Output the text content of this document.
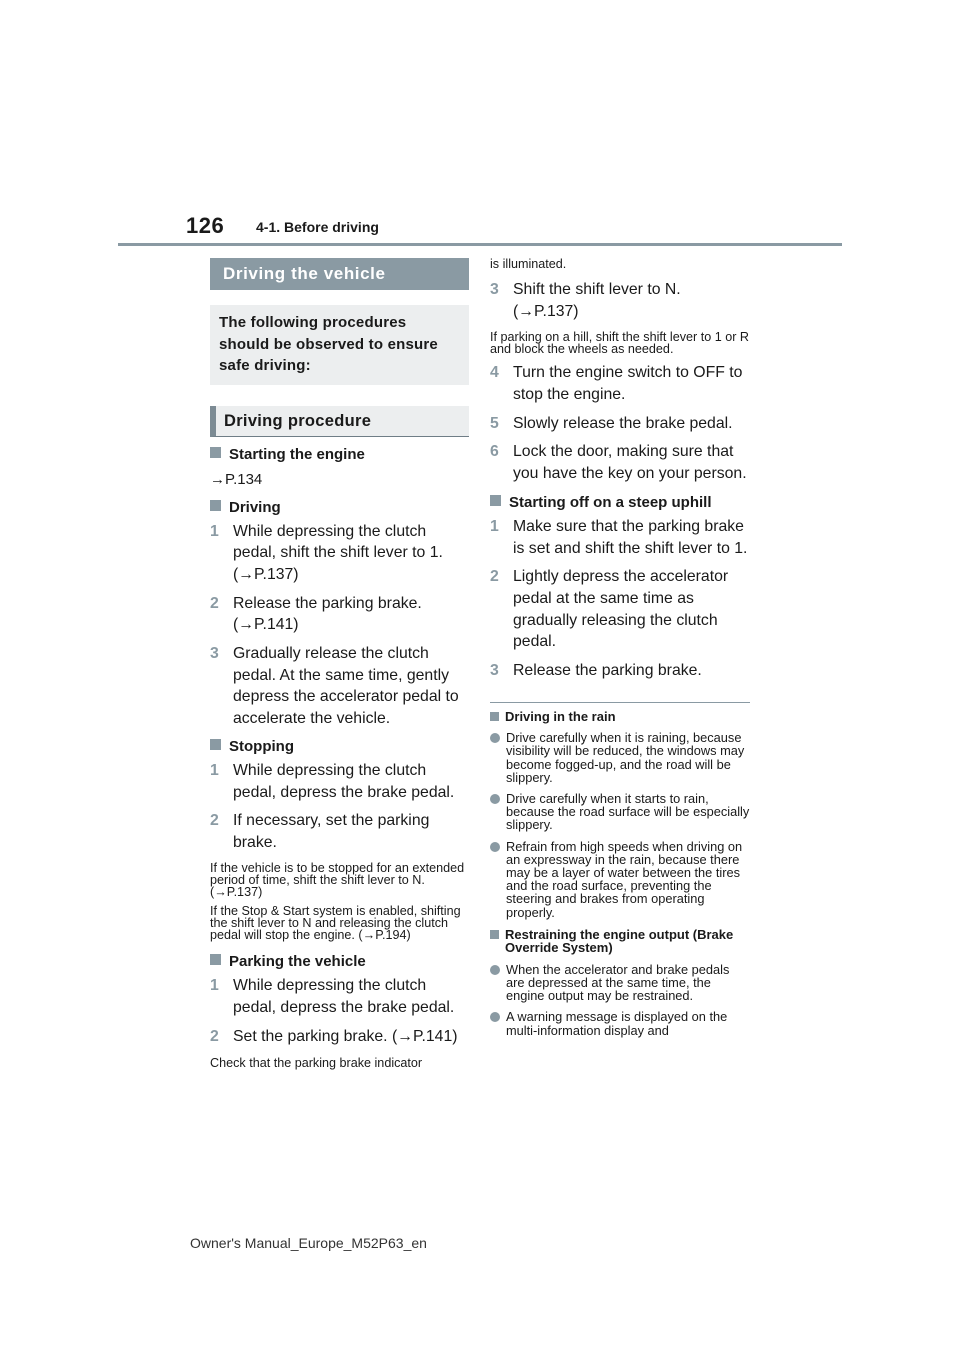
126 4-1. Before driving
Driving the vehicle
The following procedures should be observed to ensure safe driving:
Driving procedure
Starting the engine
→P.134
Driving
1 While depressing the clutch pedal, shift the shift lever to 1. (→P.137)
2 Release the parking brake. (→P.141)
3 Gradually release the clutch pedal. At the same time, gently depress the accelerator pedal to accelerate the vehicle.
Stopping
1 While depressing the clutch pedal, depress the brake pedal.
2 If necessary, set the parking brake.
If the vehicle is to be stopped for an extended period of time, shift the shift lever to N. (→P.137)
If the Stop & Start system is enabled, shifting the shift lever to N and releasing the clutch pedal will stop the engine. (→P.194)
Parking the vehicle
1 While depressing the clutch pedal, depress the brake pedal.
2 Set the parking brake. (→P.141)
Check that the parking brake indicator
is illuminated.
3 Shift the shift lever to N. (→P.137)
If parking on a hill, shift the shift lever to 1 or R and block the wheels as needed.
4 Turn the engine switch to OFF to stop the engine.
5 Slowly release the brake pedal.
6 Lock the door, making sure that you have the key on your person.
Starting off on a steep uphill
1 Make sure that the parking brake is set and shift the shift lever to 1.
2 Lightly depress the accelerator pedal at the same time as gradually releasing the clutch pedal.
3 Release the parking brake.
Driving in the rain
Drive carefully when it is raining, because visibility will be reduced, the windows may become fogged-up, and the road will be slippery.
Drive carefully when it starts to rain, because the road surface will be especially slippery.
Refrain from high speeds when driving on an expressway in the rain, because there may be a layer of water between the tires and the road surface, preventing the steering and brakes from operating properly.
Restraining the engine output (Brake Override System)
When the accelerator and brake pedals are depressed at the same time, the engine output may be restrained.
A warning message is displayed on the multi-information display and
Owner's Manual_Europe_M52P63_en
